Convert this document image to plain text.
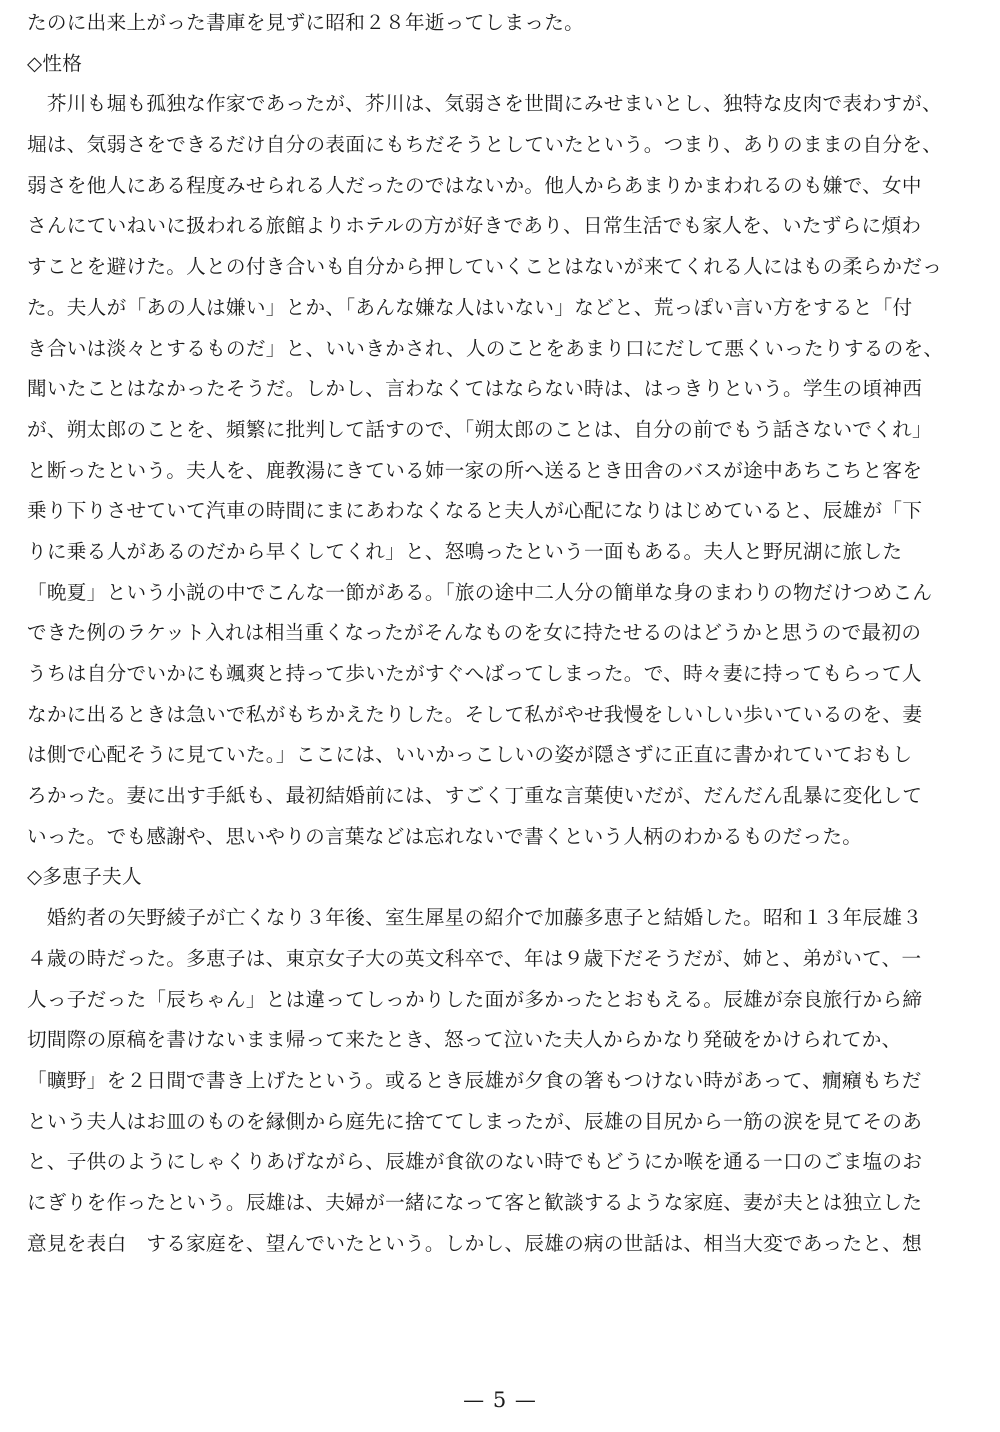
たのに出来上がった書庫を見ずに昭和２８年逝ってしまった。
◇性格
　芥川も堀も孤独な作家であったが、芥川は、気弱さを世間にみせまいとし、独特な皮肉で表わすが、
堀は、気弱さをできるだけ自分の表面にもちだそうとしていたという。つまり、ありのままの自分を、
弱さを他人にある程度みせられる人だったのではないか。他人からあまりかまわれるのも嫌で、女中
さんにていねいに扱われる旅館よりホテルの方が好きであり、日常生活でも家人を、いたずらに煩わ
すことを避けた。人との付き合いも自分から押していくことはないが来てくれる人にはもの柔らかだっ
た。夫人が「あの人は嫌い」とか、「あんな嫌な人はいない」などと、荒っぽい言い方をすると「付
き合いは淡々とするものだ」と、いいきかされ、人のことをあまり口にだして悪くいったりするのを、
聞いたことはなかったそうだ。しかし、言わなくてはならない時は、はっきりという。学生の頃神西
が、朔太郎のことを、頻繁に批判して話すので、「朔太郎のことは、自分の前でもう話さないでくれ」
と断ったという。夫人を、鹿教湯にきている姉一家の所へ送るとき田舎のバスが途中あちこちと客を
乗り下りさせていて汽車の時間にまにあわなくなると夫人が心配になりはじめていると、辰雄が「下
りに乗る人があるのだから早くしてくれ」と、怒鳴ったという一面もある。夫人と野尻湖に旅した
「晩夏」という小説の中でこんな一節がある。「旅の途中二人分の簡単な身のまわりの物だけつめこん
できた例のラケット入れは相当重くなったがそんなものを女に持たせるのはどうかと思うので最初の
うちは自分でいかにも颯爽と持って歩いたがすぐへばってしまった。で、時々妻に持ってもらって人
なかに出るときは急いで私がもちかえたりした。そして私がやせ我慢をしいしい歩いているのを、妻
は側で心配そうに見ていた。」ここには、いいかっこしいの姿が隠さずに正直に書かれていておもし
ろかった。妻に出す手紙も、最初結婚前には、すごく丁重な言葉使いだが、だんだん乱暴に変化して
いった。でも感謝や、思いやりの言葉などは忘れないで書くという人柄のわかるものだった。
◇多恵子夫人
　婚約者の矢野綾子が亡くなり３年後、室生犀星の紹介で加藤多恵子と結婚した。昭和１３年辰雄３
４歳の時だった。多恵子は、東京女子大の英文科卒で、年は９歳下だそうだが、姉と、弟がいて、一
人っ子だった「辰ちゃん」とは違ってしっかりした面が多かったとおもえる。辰雄が奈良旅行から締
切間際の原稿を書けないまま帰って来たとき、怒って泣いた夫人からかなり発破をかけられてか、
「曠野」を２日間で書き上げたという。或るとき辰雄が夕食の箸もつけない時があって、癇癪もちだ
という夫人はお皿のものを縁側から庭先に捨ててしまったが、辰雄の目尻から一筋の涙を見てそのあ
と、子供のようにしゃくりあげながら、辰雄が食欲のない時でもどうにか喉を通る一口のごま塩のお
にぎりを作ったという。辰雄は、夫婦が一緒になって客と歓談するような家庭、妻が夫とは独立した
意見を表白　する家庭を、望んでいたという。しかし、辰雄の病の世話は、相当大変であったと、想
— 5 —
